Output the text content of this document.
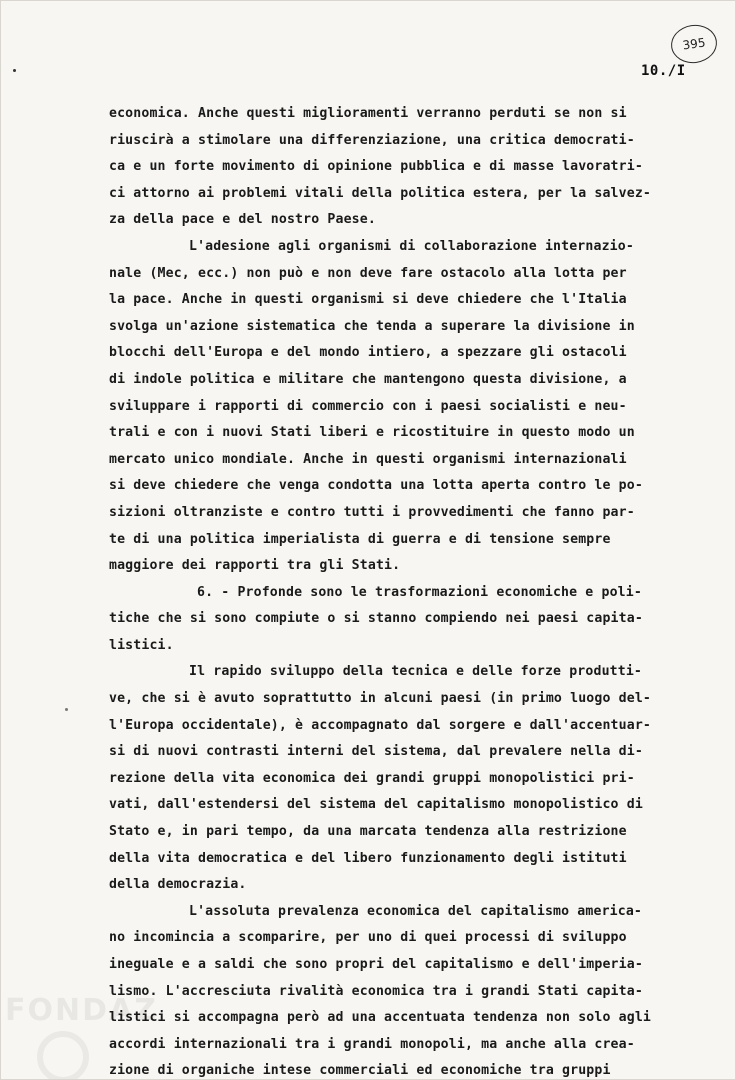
395
10./I
economica. Anche questi miglioramenti verranno perduti se non si
riuscirà a stimolare una differenziazione, una critica democrati-
ca e un forte movimento di opinione pubblica e di masse lavoratri-
ci attorno ai problemi vitali della politica estera, per la salvez-
za della pace e del nostro Paese.
L'adesione agli organismi di collaborazione internazio-
nale (Mec, ecc.) non può e non deve fare ostacolo alla lotta per
la pace. Anche in questi organismi si deve chiedere che l'Italia
svolga un'azione sistematica che tenda a superare la divisione in
blocchi dell'Europa e del mondo intiero, a spezzare gli ostacoli
di indole politica e militare che mantengono questa divisione, a
sviluppare i rapporti di commercio con i paesi socialisti e neu-
trali e con i nuovi Stati liberi e ricostituire in questo modo un
mercato unico mondiale. Anche in questi organismi internazionali
si deve chiedere che venga condotta una lotta aperta contro le po-
sizioni oltranziste e contro tutti i provvedimenti che fanno par-
te di una politica imperialista di guerra e di tensione sempre
maggiore dei rapporti tra gli Stati.
6. - Profonde sono le trasformazioni economiche e poli-
tiche che si sono compiute o si stanno compiendo nei paesi capita-
listici.
Il rapido sviluppo della tecnica e delle forze produtti-
ve, che si è avuto soprattutto in alcuni paesi (in primo luogo del-
l'Europa occidentale), è accompagnato dal sorgere e dall'accentuar-
si di nuovi contrasti interni del sistema, dal prevalere nella di-
rezione della vita economica dei grandi gruppi monopolistici pri-
vati, dall'estendersi del sistema del capitalismo monopolistico di
Stato e, in pari tempo, da una marcata tendenza alla restrizione
della vita democratica e del libero funzionamento degli istituti
della democrazia.
L'assoluta prevalenza economica del capitalismo america-
no incomincia a scomparire, per uno di quei processi di sviluppo
ineguale e a saldi che sono propri del capitalismo e dell'imperia-
lismo. L'accresciuta rivalità economica tra i grandi Stati capita-
listici si accompagna però ad una accentuata tendenza non solo agli
accordi internazionali tra i grandi monopoli, ma anche alla crea-
zione di organiche intese commerciali ed economiche tra gruppi
FONDAZ
